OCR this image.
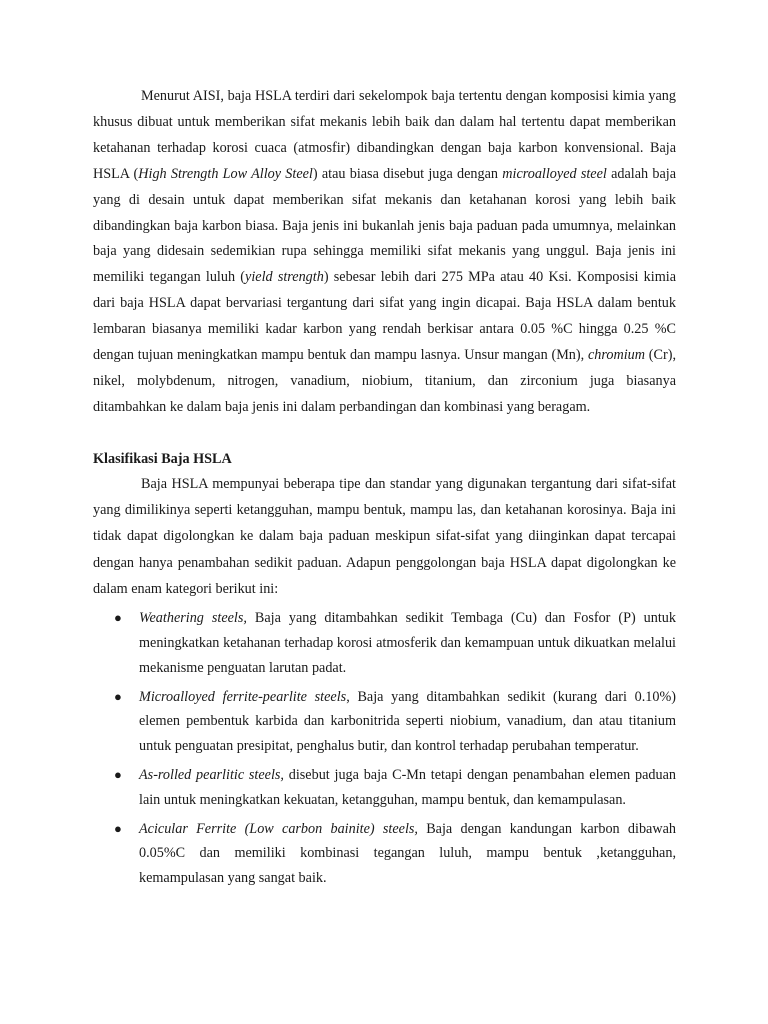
Menurut AISI, baja HSLA terdiri dari sekelompok baja tertentu dengan komposisi kimia yang khusus dibuat untuk memberikan sifat mekanis lebih baik dan dalam hal tertentu dapat memberikan ketahanan terhadap korosi cuaca (atmosfir) dibandingkan dengan baja karbon konvensional. Baja HSLA (High Strength Low Alloy Steel) atau biasa disebut juga dengan microalloyed steel adalah baja yang di desain untuk dapat memberikan sifat mekanis dan ketahanan korosi yang lebih baik dibandingkan baja karbon biasa. Baja jenis ini bukanlah jenis baja paduan pada umumnya, melainkan baja yang didesain sedemikian rupa sehingga memiliki sifat mekanis yang unggul. Baja jenis ini memiliki tegangan luluh (yield strength) sebesar lebih dari 275 MPa atau 40 Ksi. Komposisi kimia dari baja HSLA dapat bervariasi tergantung dari sifat yang ingin dicapai. Baja HSLA dalam bentuk lembaran biasanya memiliki kadar karbon yang rendah berkisar antara 0.05 %C hingga 0.25 %C dengan tujuan meningkatkan mampu bentuk dan mampu lasnya. Unsur mangan (Mn), chromium (Cr), nikel, molybdenum, nitrogen, vanadium, niobium, titanium, dan zirconium juga biasanya ditambahkan ke dalam baja jenis ini dalam perbandingan dan kombinasi yang beragam.

Klasifikasi Baja HSLA

Baja HSLA mempunyai beberapa tipe dan standar yang digunakan tergantung dari sifat-sifat yang dimilikinya seperti ketangguhan, mampu bentuk, mampu las, dan ketahanan korosinya. Baja ini tidak dapat digolongkan ke dalam baja paduan meskipun sifat-sifat yang diinginkan dapat tercapai dengan hanya penambahan sedikit paduan. Adapun penggolongan baja HSLA dapat digolongkan ke dalam enam kategori berikut ini:

● Weathering steels, Baja yang ditambahkan sedikit Tembaga (Cu) dan Fosfor (P) untuk meningkatkan ketahanan terhadap korosi atmosferik dan kemampuan untuk dikuatkan melalui mekanisme penguatan larutan padat.
● Microalloyed ferrite-pearlite steels, Baja yang ditambahkan sedikit (kurang dari 0.10%) elemen pembentuk karbida dan karbonitrida seperti niobium, vanadium, dan atau titanium untuk penguatan presipitat, penghalus butir, dan kontrol terhadap perubahan temperatur.
● As-rolled pearlitic steels, disebut juga baja C-Mn tetapi dengan penambahan elemen paduan lain untuk meningkatkan kekuatan, ketangguhan, mampu bentuk, dan kemampulasan.
● Acicular Ferrite (Low carbon bainite) steels, Baja dengan kandungan karbon dibawah 0.05%C dan memiliki kombinasi tegangan luluh, mampu bentuk ,ketangguhan, kemampulasan yang sangat baik.
